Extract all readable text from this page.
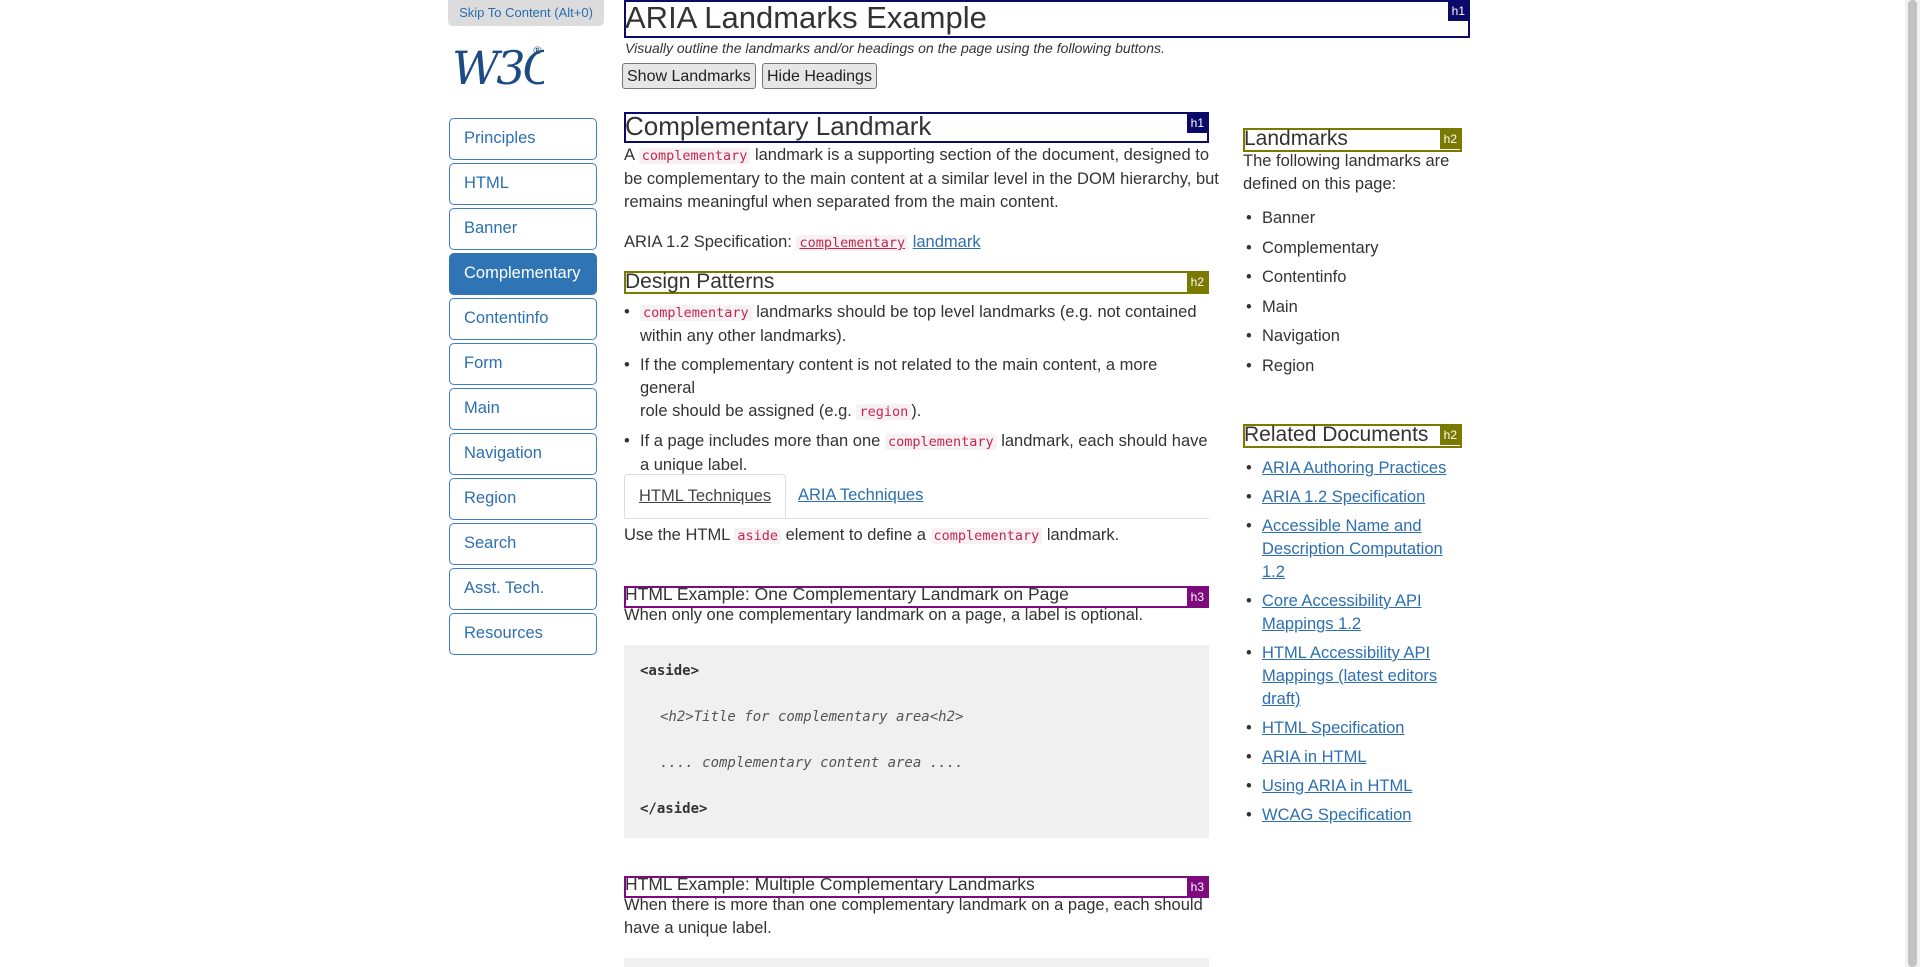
Skip To Content (Alt+0)
W3 ®
ARIA Landmarks Example	h1
Visually outline the landmarks and/or headings on the page using the following buttons.
Show Landmarks	Hide Headings
Principles
HTML
Banner
Complementary
Contentinfo
Form
Main
Navigation
Region
Search
Asst. Tech.
Resources
Complementary Landmark	h1

A complementary landmark is a supporting section of the document, designed to

be complementary to the main content at a similar level in the DOM hierarchy, but

remains meaningful when separated from the main content.

ARIA 1.2 Specification: complementary landmark

Design Patterns	h2
• complementary landmarks should be top level landmarks (e.g. not contained
within any other landmarks).
• If the complementary content is not related to the main content, a more general
role should be assigned (e.g. region ).
• If a page includes more than one complementary landmark, each should have
a unique label.
HTML Techniques	ARIA Techniques

Use the HTML aside element to define a complementary landmark.

HTML Example: One Complementary Landmark on Page	h3
When only one complementary landmark on a page, a label is optional.
<aside>
<h2>Title for complementary area<h2>
.... complementary content area ....
</aside>
HTML Example: Multiple Complementary Landmarks	h3
When there is more than one complementary landmark on a page, each should
have a unique label.
Landmarks	h2
The following landmarks are
defined on this page:
• Banner
• Complementary
• Contentinfo
• Main
• Navigation
• Region
Related Documents	h2
• ARIA Authoring Practices
• ARIA 1.2 Specification
• Accessible Name and
Description Computation
1.2
• Core Accessibility API
Mappings 1.2
• HTML Accessibility API
Mappings (latest editors
draft)
• HTML Specification
• ARIA in HTML
• Using ARIA in HTML
• WCAG Specification
